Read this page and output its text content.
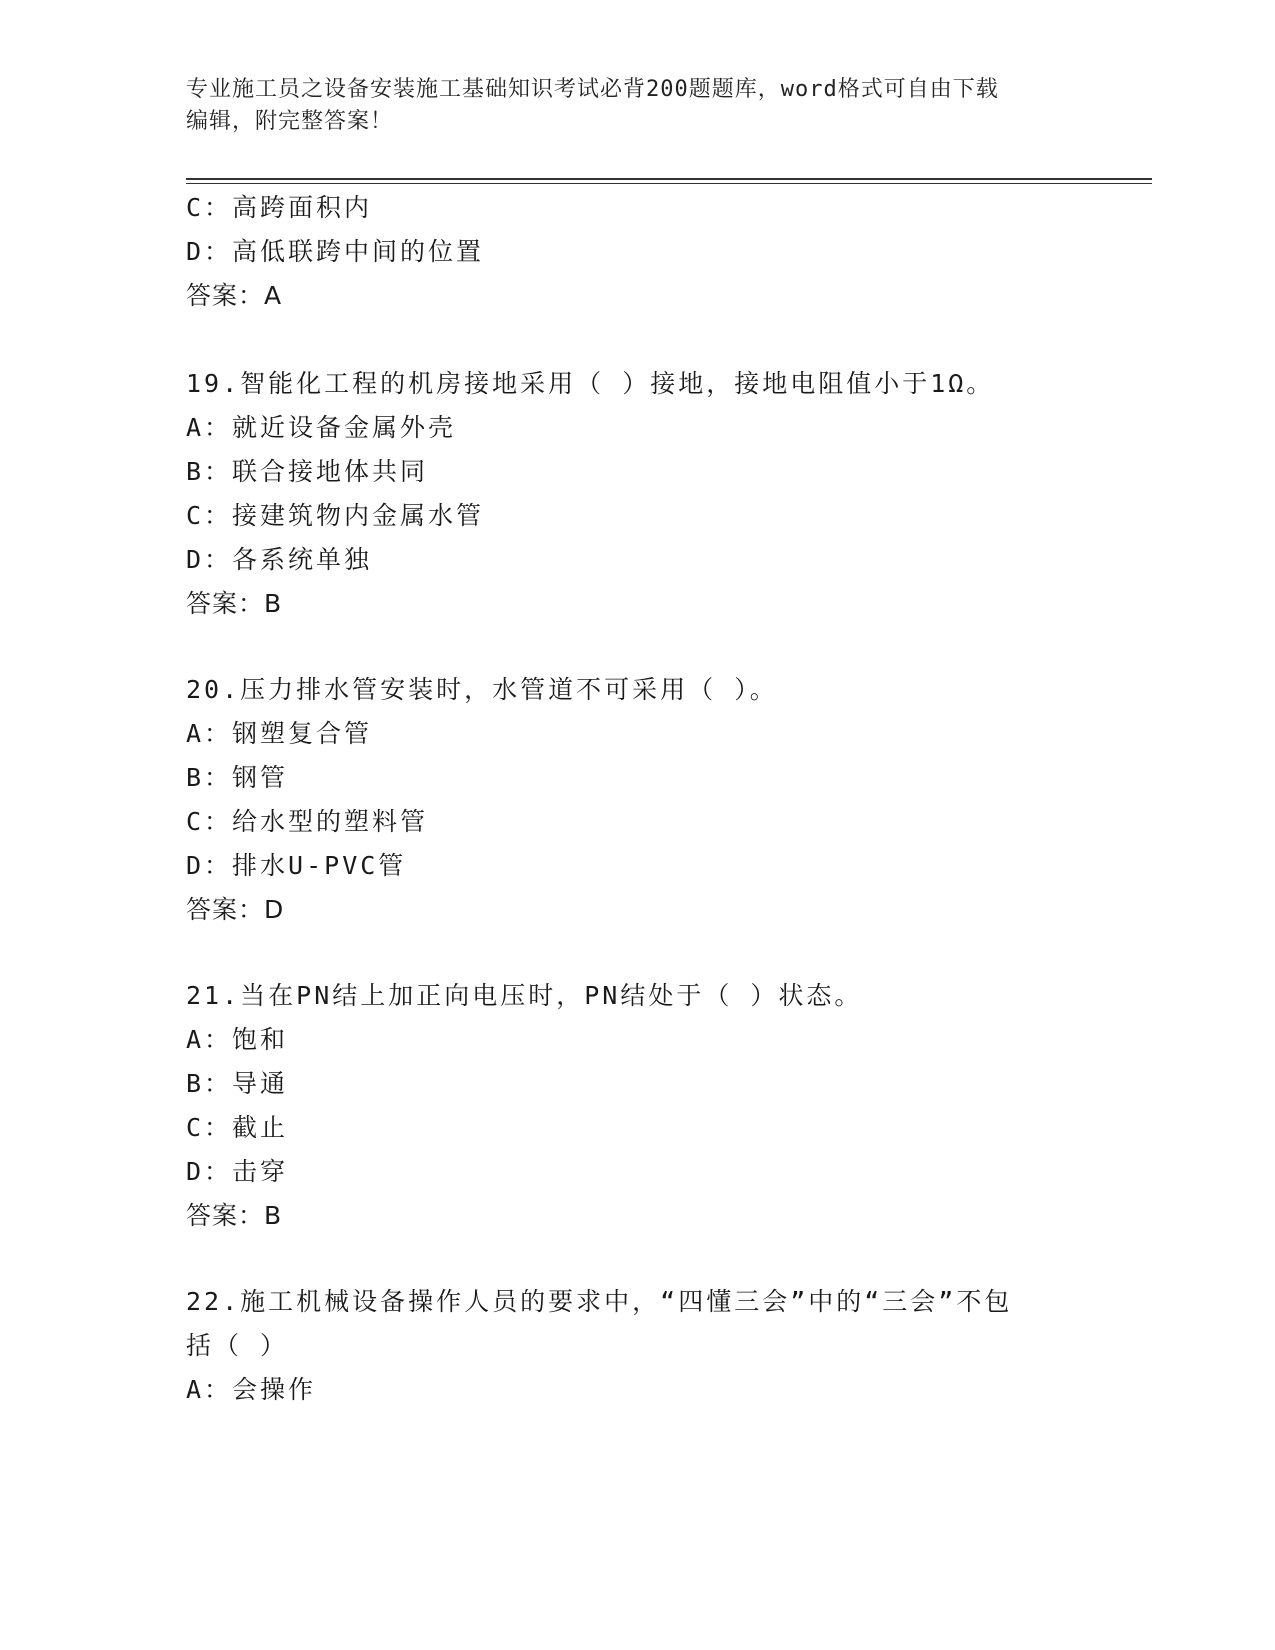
专业施工员之设备安装施工基础知识考试必背200题题库，word格式可自由下载
编辑，附完整答案！
C：高跨面积内
D：高低联跨中间的位置
答案：A
19.智能化工程的机房接地采用（ ）接地，接地电阻值小于1Ω。
A：就近设备金属外壳
B：联合接地体共同
C：接建筑物内金属水管
D：各系统单独
答案：B
20.压力排水管安装时，水管道不可采用（ ）。
A：钢塑复合管
B：钢管
C：给水型的塑料管
D：排水U-PVC管
答案：D
21.当在PN结上加正向电压时，PN结处于（ ）状态。
A：饱和
B：导通
C：截止
D：击穿
答案：B
22.施工机械设备操作人员的要求中，“四懂三会”中的“三会”不包
括（ ）
A：会操作
